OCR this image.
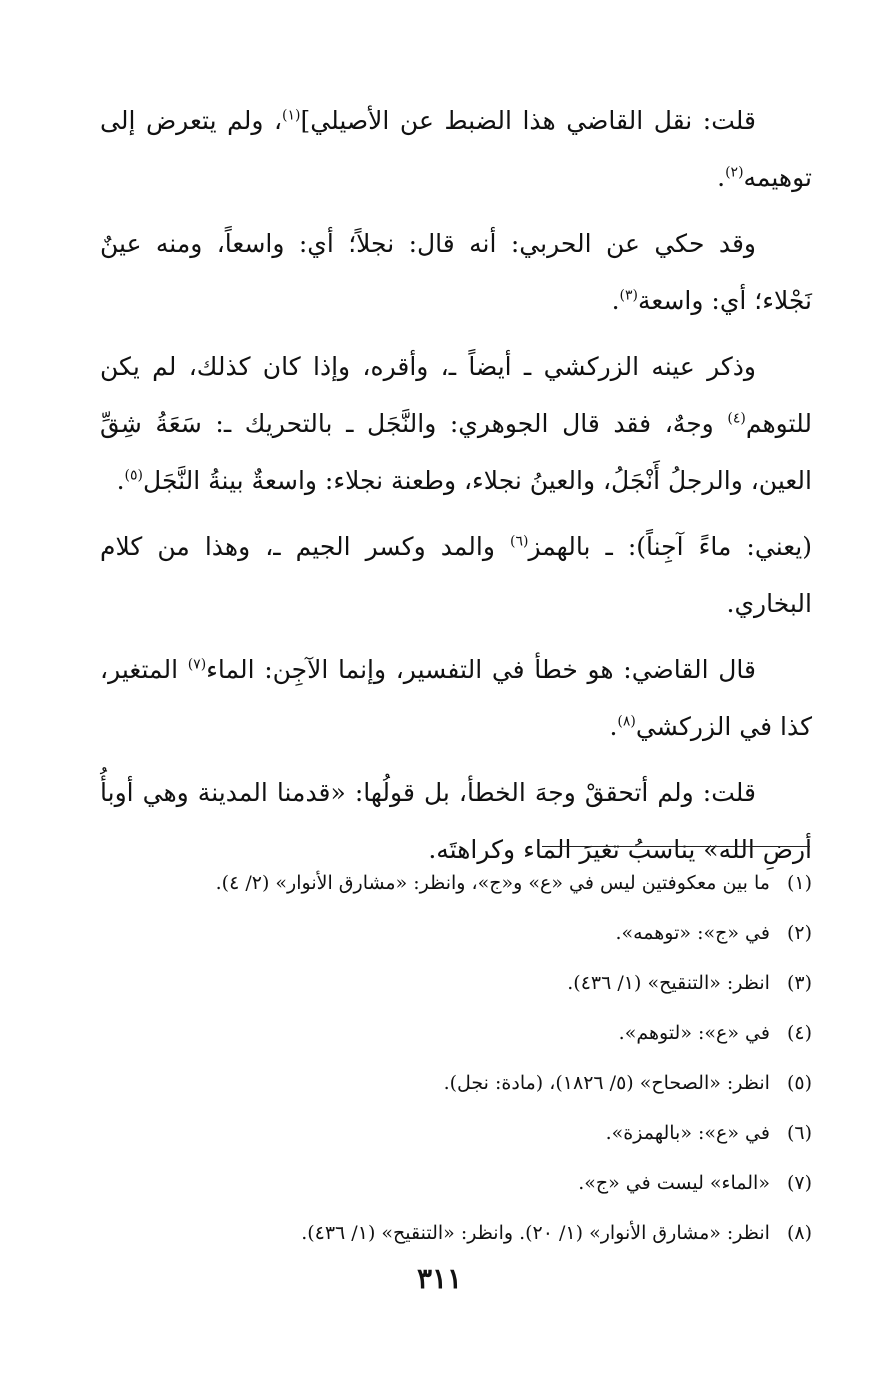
قلت: نقل القاضي هذا الضبط عن الأصيلي]$^{(١)}$، ولم يتعرض إلى توهيمه$^{(٢)}$.

وقد حكي عن الحربي: أنه قال: نجلاً؛ أي: واسعاً، ومنه عينٌ نَجْلاء؛ أي: واسعة$^{(٣)}$.

وذكر عينه الزركشي ـ أيضاً ـ، وأقره، وإذا كان كذلك، لم يكن للتوهم$^{(٤)}$ وجهٌ، فقد قال الجوهري: والنَّجَل ـ بالتحريك ـ: سَعَةُ شِقِّ العين، والرجلُ أَنْجَلُ، والعينُ نجلاء، وطعنة نجلاء: واسعةٌ بينةُ النَّجَل$^{(٥)}$.

(يعني: ماءً آجِناً): ـ بالهمز$^{(٦)}$ والمد وكسر الجيم ـ، وهذا من كلام البخاري.

قال القاضي: هو خطأ في التفسير، وإنما الآجِن: الماء$^{(٧)}$ المتغير، كذا في الزركشي$^{(٨)}$.

قلت: ولم أتحققْ وجهَ الخطأ، بل قولُها: «قدمنا المدينة وهي أوبأُ أرضِ الله» يناسبُ تغيرَ الماء وكراهتَه.

(١) ما بين معكوفتين ليس في «ع» و«ج»، وانظر: «مشارق الأنوار» (٢/ ٤).

(٢) في «ج»: «توهمه».

(٣) انظر: «التنقيح» (١/ ٤٣٦).

(٤) في «ع»: «لتوهم».

(٥) انظر: «الصحاح» (٥/ ١٨٢٦)، (مادة: نجل).

(٦) في «ع»: «بالهمزة».

(٧) «الماء» ليست في «ج».

(٨) انظر: «مشارق الأنوار» (١/ ٢٠). وانظر: «التنقيح» (١/ ٤٣٦).

٣١١
